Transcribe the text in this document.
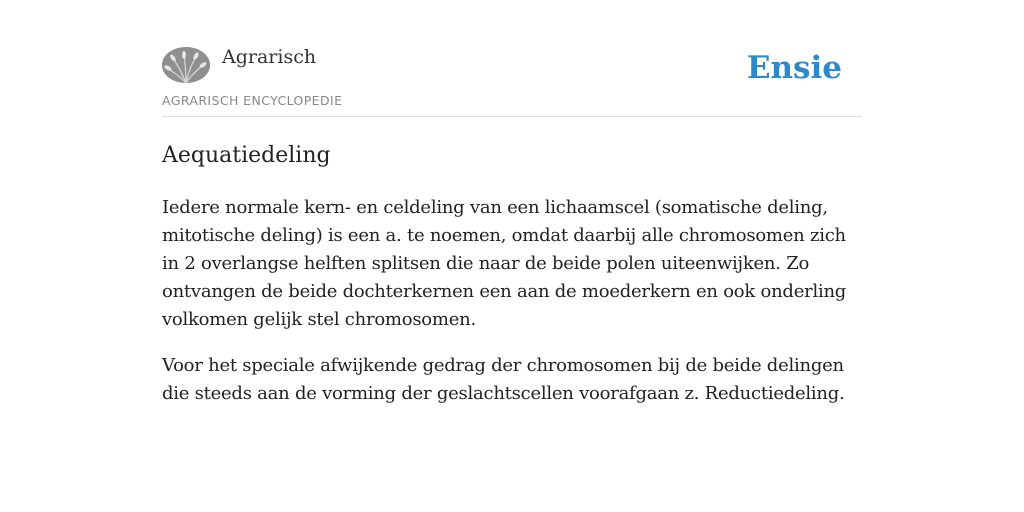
Agrarisch
AGRARISCH ENCYCLOPEDIE
Ensie
Aequatiedeling

Iedere normale kern- en celdeling van een lichaamscel (somatische deling, mitotische deling) is een a. te noemen, omdat daarbij alle chromosomen zich in 2 overlangse helften splitsen die naar de beide polen uiteenwijken. Zo ontvangen de beide dochterkernen een aan de moederkern en ook onderling volkomen gelijk stel chromosomen.

Voor het speciale afwijkende gedrag der chromosomen bij de beide delingen die steeds aan de vorming der geslachtscellen voorafgaan z. Reductiedeling.
